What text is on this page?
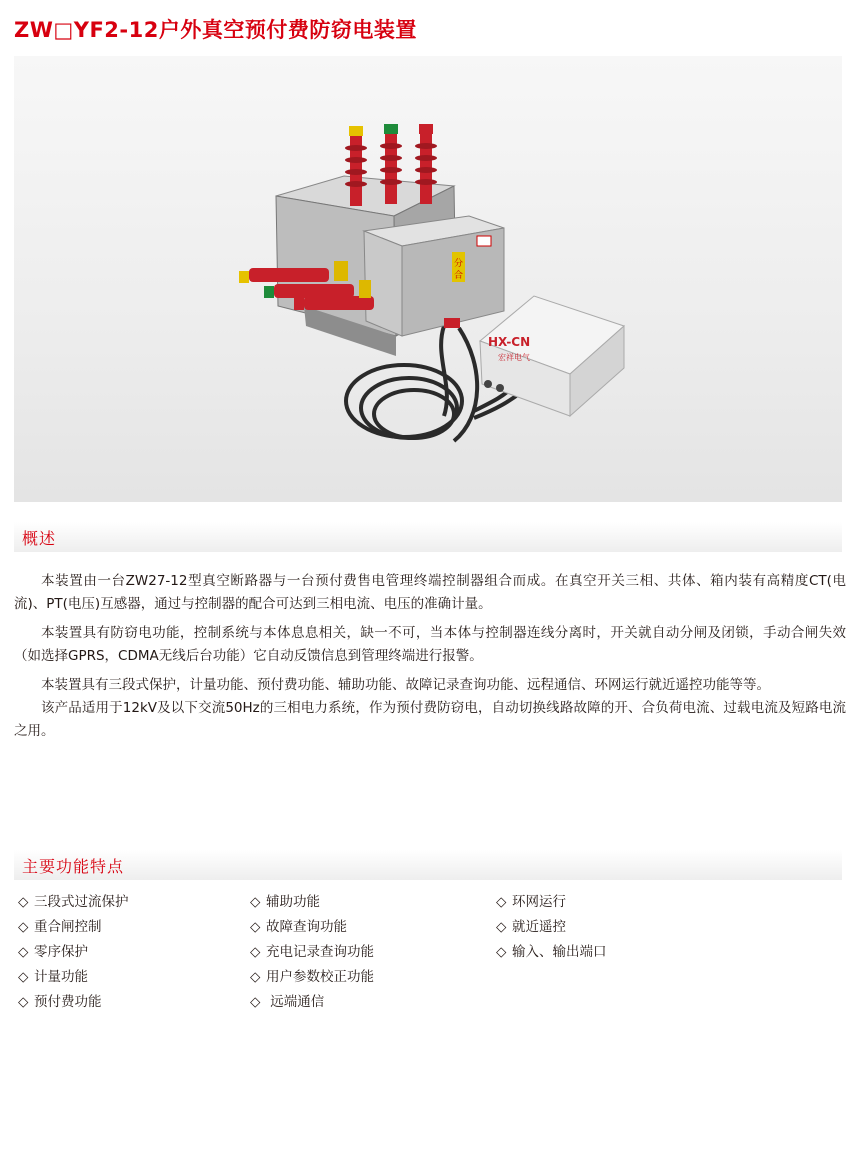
ZW□YF2-12户外真空预付费防窃电装置
分
合
HX-CN
宏祥电气
概述

本装置由一台ZW27-12型真空断路器与一台预付费售电管理终端控制器组合而成。在真空开关三相、共体、箱内装有高精度CT(电流)、PT(电压)互感器，通过与控制器的配合可达到三相电流、电压的准确计量。

本装置具有防窃电功能，控制系统与本体息息相关，缺一不可，当本体与控制器连线分离时，开关就自动分闸及闭锁，手动合闸失效（如选择GPRS，CDMA无线后台功能）它自动反馈信息到管理终端进行报警。

本装置具有三段式保护，计量功能、预付费功能、辅助功能、故障记录查询功能、远程通信、环网运行就近遥控功能等等。

该产品适用于12kV及以下交流50Hz的三相电力系统，作为预付费防窃电，自动切换线路故障的开、合负荷电流、过载电流及短路电流之用。

主要功能特点
◇ 三段式过流保护
◇ 重合闸控制
◇ 零序保护
◇ 计量功能
◇ 预付费功能
◇ 辅助功能
◇ 故障查询功能
◇ 充电记录查询功能
◇ 用户参数校正功能
◇ 远端通信
◇ 环网运行
◇ 就近遥控
◇ 输入、输出端口
